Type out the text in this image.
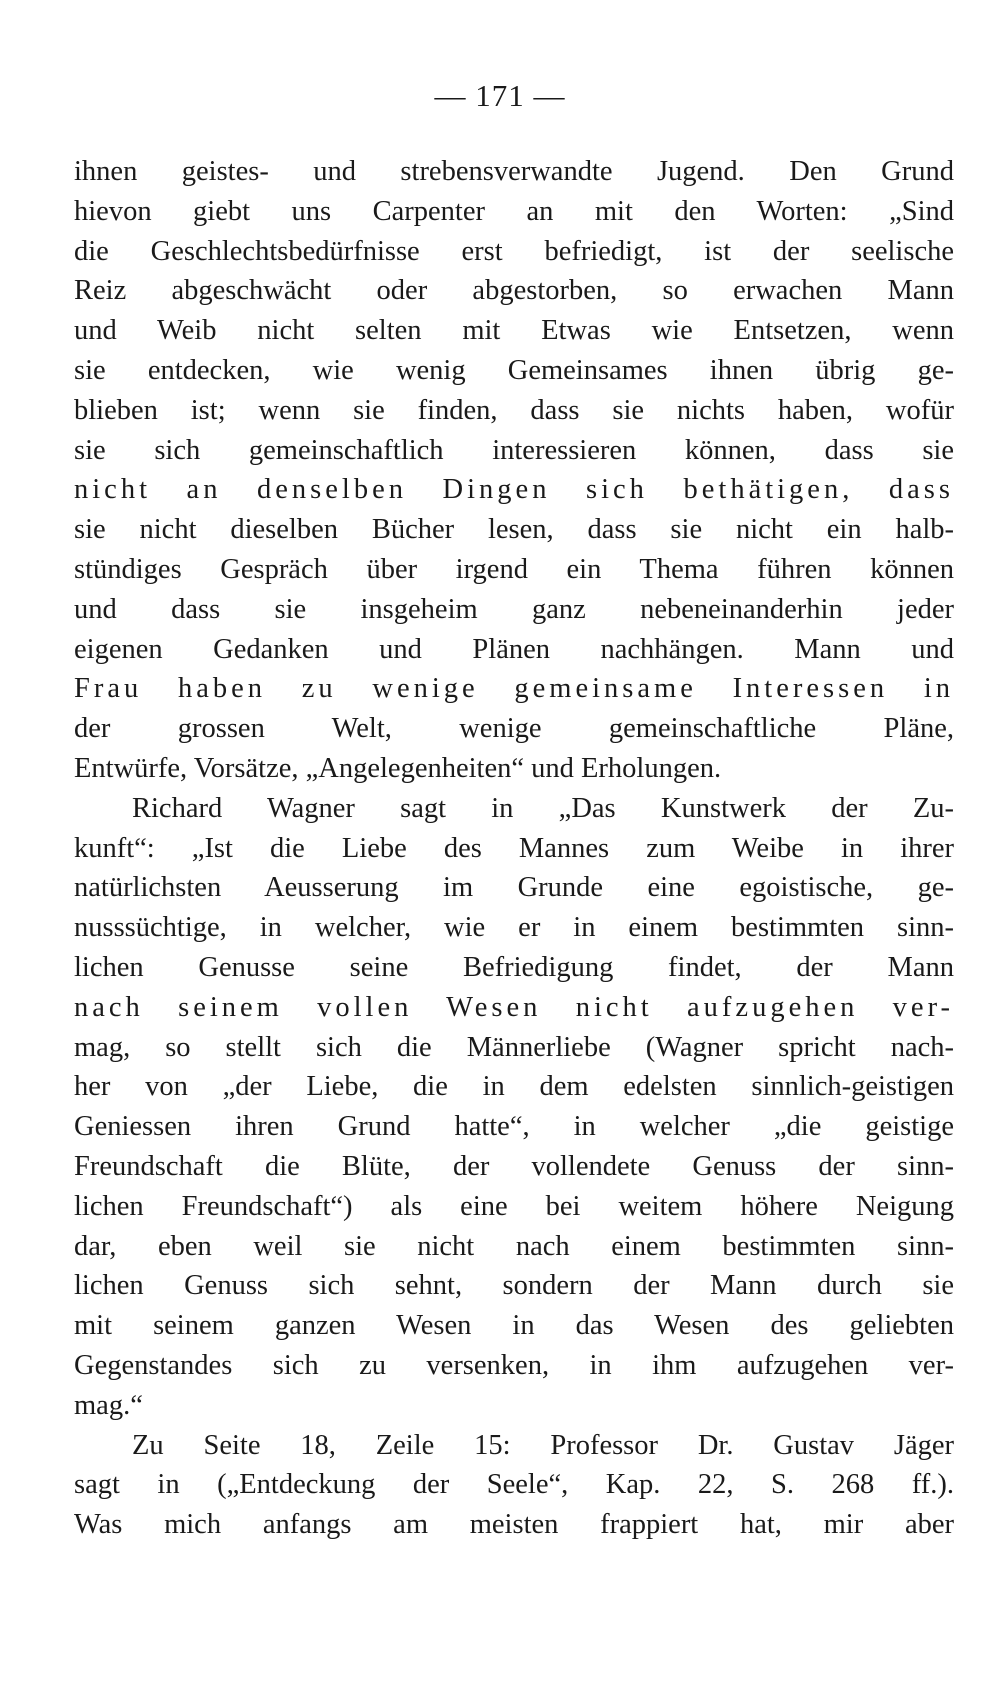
— 171 —
ihnen geistes- und strebensverwandte Jugend. Den Grund
hievon giebt uns Carpenter an mit den Worten: „Sind
die Geschlechtsbedürfnisse erst befriedigt, ist der seelische
Reiz abgeschwächt oder abgestorben, so erwachen Mann
und Weib nicht selten mit Etwas wie Entsetzen, wenn
sie entdecken, wie wenig Gemeinsames ihnen übrig ge-
blieben ist; wenn sie finden, dass sie nichts haben, wofür
sie sich gemeinschaftlich interessieren können, dass sie
nicht an denselben Dingen sich bethätigen, dass
sie nicht dieselben Bücher lesen, dass sie nicht ein halb-
stündiges Gespräch über irgend ein Thema führen können
und dass sie insgeheim ganz nebeneinanderhin jeder
eigenen Gedanken und Plänen nachhängen. Mann und
Frau haben zu wenige gemeinsame Interessen in
der grossen Welt, wenige gemeinschaftliche Pläne,
Entwürfe, Vorsätze, „Angelegenheiten“ und Erholungen.
Richard Wagner sagt in „Das Kunstwerk der Zu-
kunft“: „Ist die Liebe des Mannes zum Weibe in ihrer
natürlichsten Aeusserung im Grunde eine egoistische, ge-
nusssüchtige, in welcher, wie er in einem bestimmten sinn-
lichen Genusse seine Befriedigung findet, der Mann
nach seinem vollen Wesen nicht aufzugehen ver-
mag, so stellt sich die Männerliebe (Wagner spricht nach-
her von „der Liebe, die in dem edelsten sinnlich-geistigen
Geniessen ihren Grund hatte“, in welcher „die geistige
Freundschaft die Blüte, der vollendete Genuss der sinn-
lichen Freundschaft“) als eine bei weitem höhere Neigung
dar, eben weil sie nicht nach einem bestimmten sinn-
lichen Genuss sich sehnt, sondern der Mann durch sie
mit seinem ganzen Wesen in das Wesen des geliebten
Gegenstandes sich zu versenken, in ihm aufzugehen ver-
mag.“
Zu Seite 18, Zeile 15: Professor Dr. Gustav Jäger
sagt in („Entdeckung der Seele“, Kap. 22, S. 268 ff.).
Was mich anfangs am meisten frappiert hat, mir aber
